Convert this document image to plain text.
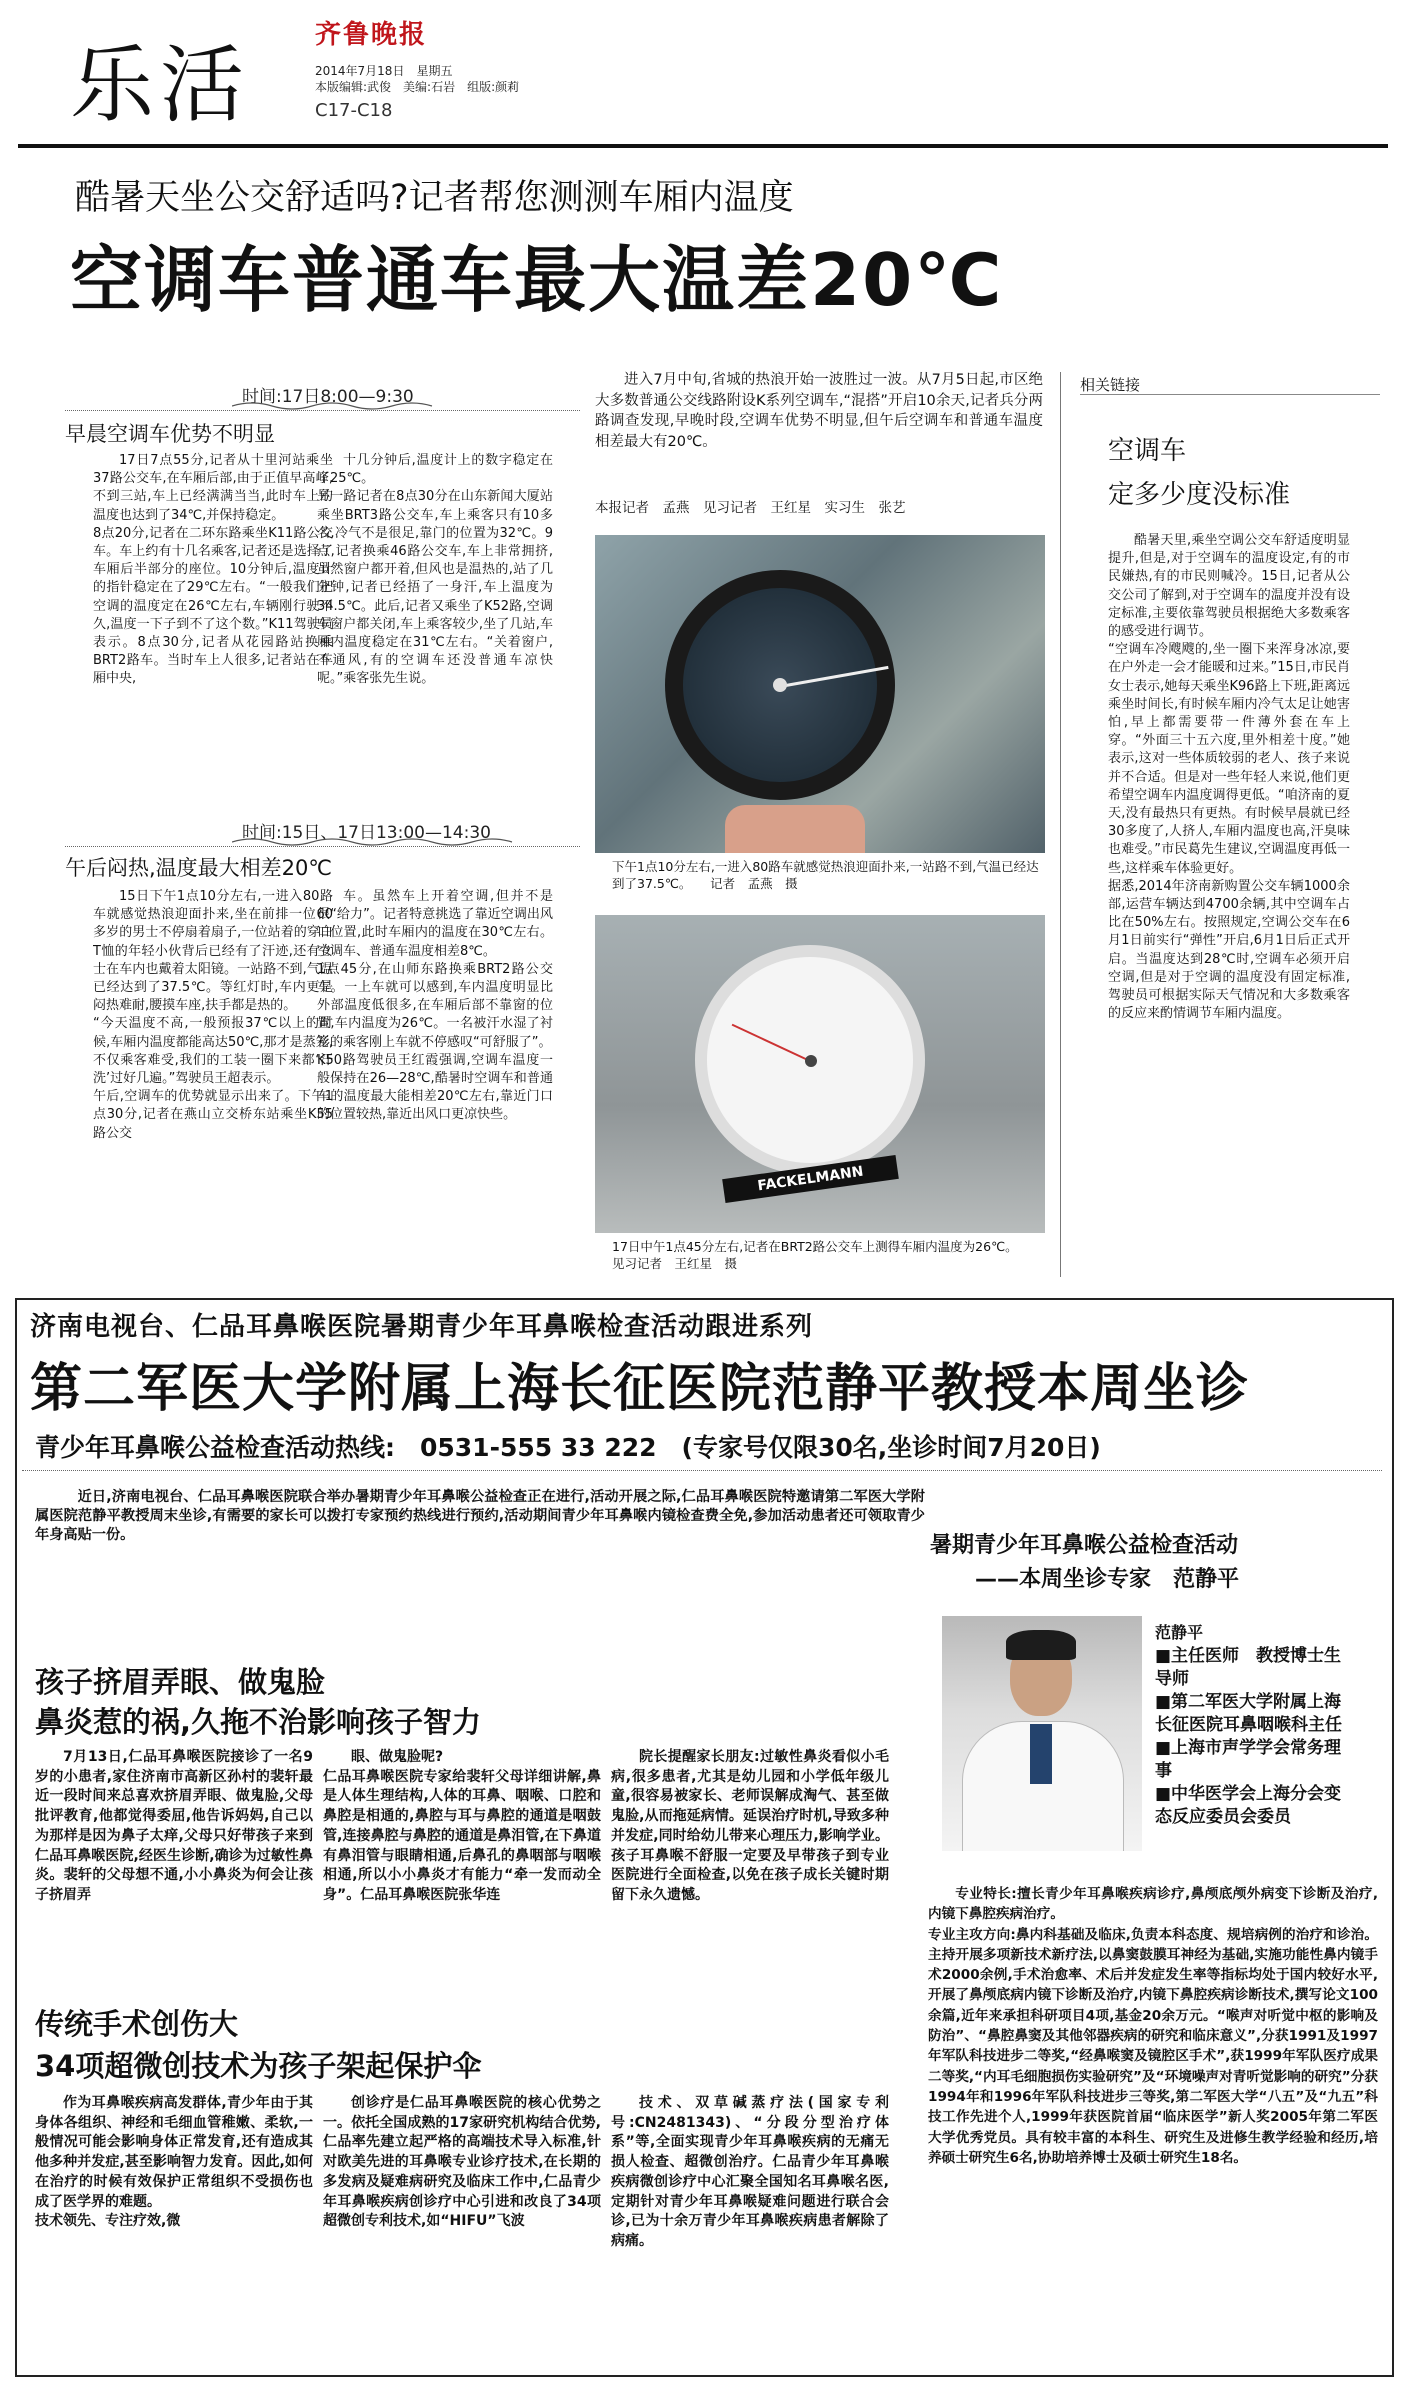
乐活
齐鲁晚报
2014年7月18日　星期五
本版编辑:武俊　美编:石岩　组版:颜莉
C17-C18
酷暑天坐公交舒适吗?记者帮您测测车厢内温度
空调车普通车最大温差20℃
时间:17日8:00—9:30
早晨空调车优势不明显

17日7点55分,记者从十里河站乘坐37路公交车,在车厢后部,由于正值早高峰,不到三站,车上已经满满当当,此时车上的温度也达到了34℃,并保持稳定。
8点20分,记者在二环东路乘坐K11路公交车。车上约有十几名乘客,记者还是选择了车厢后半部分的座位。10分钟后,温度计的指针稳定在了29℃左右。“一般我们把空调的温度定在26℃左右,车辆刚行驶不久,温度一下子到不了这个数。”K11驾驶员表示。8点30分,记者从花园路站换乘BRT2路车。当时车上人很多,记者站在车厢中央,

十几分钟后,温度计上的数字稳定在了25℃。
另一路记者在8点30分在山东新闻大厦站乘坐BRT3路公交车,车上乘客只有10多名,冷气不是很足,靠门的位置为32℃。9点,记者换乘46路公交车,车上非常拥挤,虽然窗户都开着,但风也是温热的,站了几分钟,记者已经捂了一身汗,车上温度为34.5℃。此后,记者又乘坐了K52路,空调车窗户都关闭,车上乘客较少,坐了几站,车厢内温度稳定在31℃左右。“关着窗户,不通风,有的空调车还没普通车凉快呢。”乘客张先生说。

时间:15日、17日13:00—14:30
午后闷热,温度最大相差20℃

15日下午1点10分左右,一进入80路车就感觉热浪迎面扑来,坐在前排一位60多岁的男士不停扇着扇子,一位站着的穿白T恤的年轻小伙背后已经有了汗迹,还有女士在车内也戴着太阳镜。一站路不到,气温已经达到了37.5℃。等红灯时,车内更是闷热难耐,腰摸车座,扶手都是热的。
“今天温度不高,一般预报37℃以上的时候,车厢内温度都能高达50℃,那才是蒸笼,不仅乘客难受,我们的工装一圈下来都‘汗洗’过好几遍。”驾驶员王超表示。
午后,空调车的优势就显示出来了。下午1点30分,记者在燕山立交桥东站乘坐K55路公交

车。虽然车上开着空调,但并不是很“给力”。记者特意挑选了靠近空调出风口位置,此时车厢内的温度在30℃左右。空调车、普通车温度相差8℃。
1点45分,在山师东路换乘BRT2路公交车。一上车就可以感到,车内温度明显比外部温度低很多,在车厢后部不靠窗的位置,车内温度为26℃。一名被汗水湿了衬衫的乘客刚上车就不停感叹“可舒服了”。
K50路驾驶员王红霞强调,空调车温度一般保持在26—28℃,酷暑时空调车和普通车的温度最大能相差20℃左右,靠近门口的位置较热,靠近出风口更凉快些。

进入7月中旬,省城的热浪开始一波胜过一波。从7月5日起,市区绝大多数普通公交线路附设K系列空调车,“混搭”开启10余天,记者兵分两路调查发现,早晚时段,空调车优势不明显,但午后空调车和普通车温度相差最大有20℃。

本报记者　孟燕　见习记者　王红星　实习生　张艺
下午1点10分左右,一进入80路车就感觉热浪迎面扑来,一站路不到,气温已经达到了37.5℃。　　记者　孟燕　摄
FACKELMANN
17日中午1点45分左右,记者在BRT2路公交车上测得车厢内温度为26℃。　　　　见习记者　王红星　摄
相关链接
空调车
定多少度没标准

酷暑天里,乘坐空调公交车舒适度明显提升,但是,对于空调车的温度设定,有的市民嫌热,有的市民则喊冷。15日,记者从公交公司了解到,对于空调车的温度并没有设定标准,主要依靠驾驶员根据绝大多数乘客的感受进行调节。
“空调车冷飕飕的,坐一圈下来浑身冰凉,要在户外走一会才能暖和过来。”15日,市民肖女士表示,她每天乘坐K96路上下班,距离远乘坐时间长,有时候车厢内冷气太足让她害怕,早上都需要带一件薄外套在车上穿。“外面三十五六度,里外相差十度。”她表示,这对一些体质较弱的老人、孩子来说并不合适。但是对一些年轻人来说,他们更希望空调车内温度调得更低。“咱济南的夏天,没有最热只有更热。有时候早晨就已经30多度了,人挤人,车厢内温度也高,汗臭味也难受。”市民葛先生建议,空调温度再低一些,这样乘车体验更好。
据悉,2014年济南新购置公交车辆1000余部,运营车辆达到4700余辆,其中空调车占比在50%左右。按照规定,空调公交车在6月1日前实行“弹性”开启,6月1日后正式开启。当温度达到28℃时,空调车必须开启空调,但是对于空调的温度没有固定标准,驾驶员可根据实际天气情况和大多数乘客的反应来酌情调节车厢内温度。

济南电视台、仁品耳鼻喉医院暑期青少年耳鼻喉检查活动跟进系列
第二军医大学附属上海长征医院范静平教授本周坐诊
青少年耳鼻喉公益检查活动热线:　0531-555 33 222　(专家号仅限30名,坐诊时间7月20日)

近日,济南电视台、仁品耳鼻喉医院联合举办暑期青少年耳鼻喉公益检查正在进行,活动开展之际,仁品耳鼻喉医院特邀请第二军医大学附属医院范静平教授周末坐诊,有需要的家长可以拨打专家预约热线进行预约,活动期间青少年耳鼻喉内镜检查费全免,参加活动患者还可领取青少年身高贴一份。	暑期青少年耳鼻喉公益检查活动
——本周坐诊专家　范静平
范静平
■主任医师　教授博士生导师
■第二军医大学附属上海长征医院耳鼻咽喉科主任
■上海市声学学会常务理事
■中华医学会上海分会变态反应委员会委员

专业特长:擅长青少年耳鼻喉疾病诊疗,鼻颅底颅外病变下诊断及治疗,内镜下鼻腔疾病治疗。
专业主攻方向:鼻内科基础及临床,负责本科态度、规培病例的治疗和诊治。主持开展多项新技术新疗法,以鼻窦鼓膜耳神经为基础,实施功能性鼻内镜手术2000余例,手术治愈率、术后并发症发生率等指标均处于国内较好水平,开展了鼻颅底病内镜下诊断及治疗,内镜下鼻腔疾病诊断技术,撰写论文100余篇,近年来承担科研项目4项,基金20余万元。“喉声对听觉中枢的影响及防治”、“鼻腔鼻窦及其他邻器疾病的研究和临床意义”,分获1991及1997年军队科技进步二等奖,“经鼻喉窦及镜腔区手术”,获1999年军队医疗成果二等奖,“内耳毛细胞损伤实验研究”及“环境噪声对青听觉影响的研究”分获1994年和1996年军队科技进步三等奖,第二军医大学“八五”及“九五”科技工作先进个人,1999年获医院首届“临床医学”新人奖2005年第二军医大学优秀党员。具有较丰富的本科生、研究生及进修生教学经验和经历,培养硕士研究生6名,协助培养博士及硕士研究生18名。

孩子挤眉弄眼、做鬼脸
鼻炎惹的祸,久拖不治影响孩子智力

7月13日,仁品耳鼻喉医院接诊了一名9岁的小患者,家住济南市高新区孙村的裴轩最近一段时间来总喜欢挤眉弄眼、做鬼脸,父母批评教育,他都觉得委屈,他告诉妈妈,自己以为那样是因为鼻子太痒,父母只好带孩子来到仁品耳鼻喉医院,经医生诊断,确诊为过敏性鼻炎。裴轩的父母想不通,小小鼻炎为何会让孩子挤眉弄

眼、做鬼脸呢?
仁品耳鼻喉医院专家给裴轩父母详细讲解,鼻是人体生理结构,人体的耳鼻、咽喉、口腔和鼻腔是相通的,鼻腔与耳与鼻腔的通道是咽鼓管,连接鼻腔与鼻腔的通道是鼻泪管,在下鼻道有鼻泪管与眼睛相通,后鼻孔的鼻咽部与咽喉相通,所以小小鼻炎才有能力“牵一发而动全身”。仁品耳鼻喉医院张华连

院长提醒家长朋友:过敏性鼻炎看似小毛病,很多患者,尤其是幼儿园和小学低年级儿童,很容易被家长、老师误解成淘气、甚至做鬼脸,从而拖延病情。延误治疗时机,导致多种并发症,同时给幼儿带来心理压力,影响学业。孩子耳鼻喉不舒服一定要及早带孩子到专业医院进行全面检查,以免在孩子成长关键时期留下永久遗憾。

传统手术创伤大
34项超微创技术为孩子架起保护伞

作为耳鼻喉疾病高发群体,青少年由于其身体各组织、神经和毛细血管稚嫩、柔软,一般情况可能会影响身体正常发育,还有造成其他多种并发症,甚至影响智力发育。因此,如何在治疗的时候有效保护正常组织不受损伤也成了医学界的难题。
技术领先、专注疗效,微

创诊疗是仁品耳鼻喉医院的核心优势之一。依托全国成熟的17家研究机构结合优势,仁品率先建立起严格的高端技术导入标准,针对欧美先进的耳鼻喉专业诊疗技术,在长期的多发病及疑难病研究及临床工作中,仁品青少年耳鼻喉疾病创诊疗中心引进和改良了34项超微创专利技术,如“HIFU”飞波

技术、双草碱蒸疗法(国家专利号:CN2481343)、“分段分型治疗体系”等,全面实现青少年耳鼻喉疾病的无痛无损人检查、超微创治疗。仁品青少年耳鼻喉疾病微创诊疗中心汇聚全国知名耳鼻喉名医,定期针对青少年耳鼻喉疑难问题进行联合会诊,已为十余万青少年耳鼻喉疾病患者解除了病痛。
